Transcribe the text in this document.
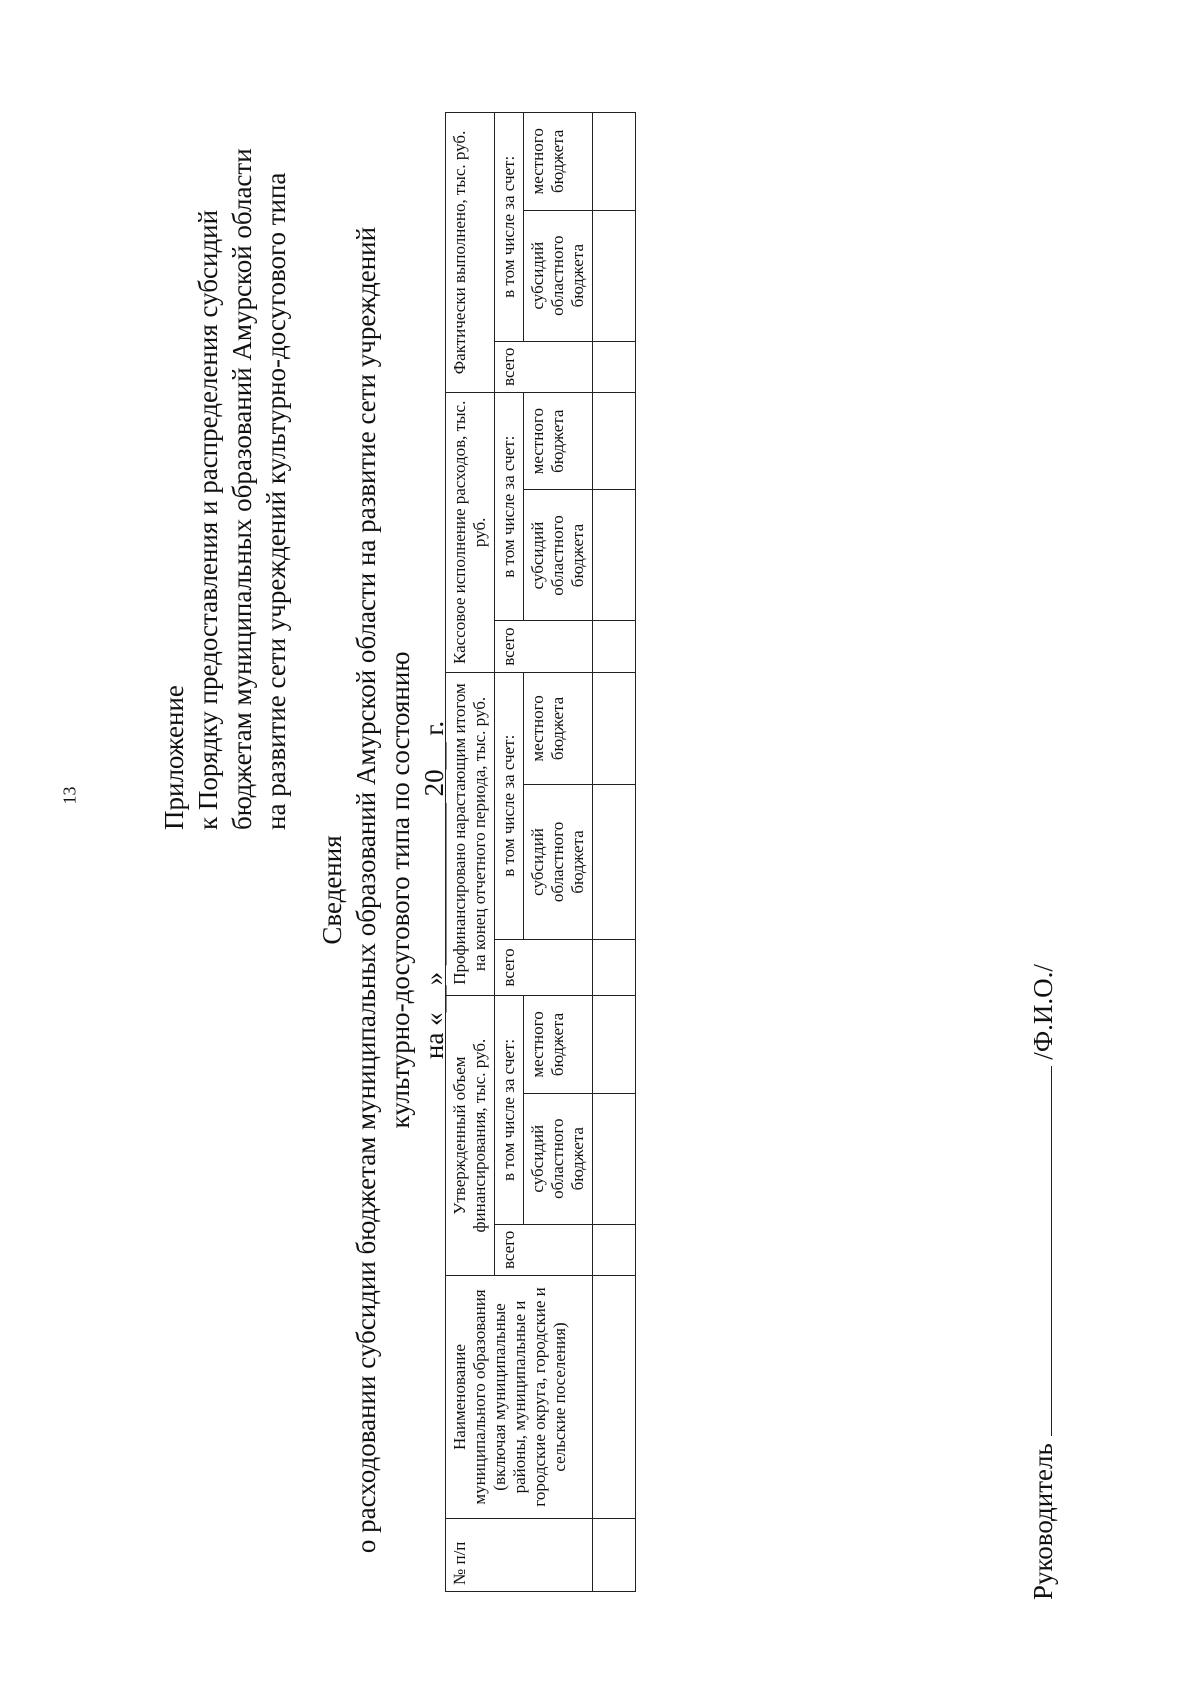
13	Приложение к Порядку предоставления и распределения субсидий бюджетам муниципальных образований Амурской области на развитие сети учреждений культурно-досугового типа
Сведения о расходовании субсидии бюджетам муниципальных образований Амурской области на развитие сети учреждений культурно-досугового типа по состоянию на «__» ____________ 20__ г.
№ п/п	Наименование муниципального образования (включая муниципальные районы, муниципальные и городские округа, городские и сельские поселения)	Утвержденный объем финансирования, тыс. руб.			Профинансировано нарастающим итогом на конец отчетного периода, тыс. руб.			Кассовое исполнение расходов, тыс. руб.			Фактически выполнено, тыс. руб.		
		всего	в том числе за счет:		всего	в том числе за счет:		всего	в том числе за счет:		всего	в том числе за счет:	
			субсидий областного бюджета	местного бюджета		субсидий областного бюджета	местного бюджета		субсидий областного бюджета	местного бюджета		субсидий областного бюджета	местного бюджета

Руководитель  /Ф.И.О./
